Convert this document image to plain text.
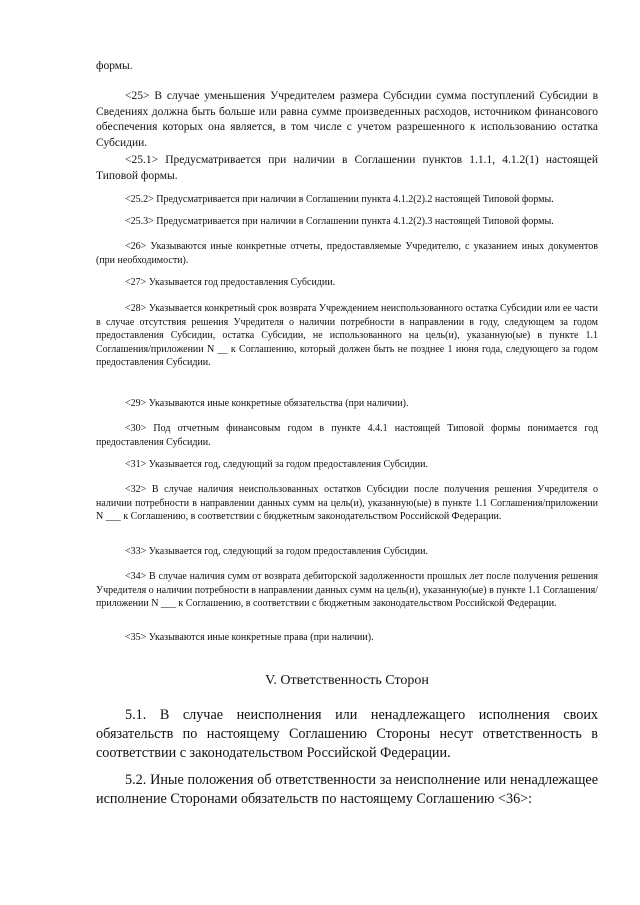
формы.

<25> В случае уменьшения Учредителем размера Субсидии сумма поступлений Субсидии в Сведениях должна быть больше или равна сумме произведенных расходов, источником финансового обеспечения которых она является, в том числе с учетом разрешенного к использованию остатка Субсидии.

<25.1> Предусматривается при наличии в Соглашении пунктов 1.1.1, 4.1.2(1) настоящей Типовой формы.

<25.2> Предусматривается при наличии в Соглашении пункта 4.1.2(2).2 настоящей Типовой формы.

<25.3> Предусматривается при наличии в Соглашении пункта 4.1.2(2).3 настоящей Типовой формы.

<26> Указываются иные конкретные отчеты, предоставляемые Учредителю, с указанием иных документов (при необходимости).

<27> Указывается год предоставления Субсидии.

<28> Указывается конкретный срок возврата Учреждением неиспользованного остатка Субсидии или ее части в случае отсутствия решения Учредителя о наличии потребности в направлении в году, следующем за годом предоставления Субсидии, остатка Субсидии, не использованного на цель(и), указанную(ые) в пункте 1.1 Соглашения/приложении N __ к Соглашению, который должен быть не позднее 1 июня года, следующего за годом предоставления Субсидии.

<29> Указываются иные конкретные обязательства (при наличии).

<30> Под отчетным финансовым годом в пункте 4.4.1 настоящей Типовой формы понимается год предоставления Субсидии.

<31> Указывается год, следующий за годом предоставления Субсидии.

<32> В случае наличия неиспользованных остатков Субсидии после получения решения Учредителя о наличии потребности в направлении данных сумм на цель(и), указанную(ые) в пункте 1.1 Соглашения/приложении N ___ к Соглашению, в соответствии с бюджетным законодательством Российской Федерации.

<33> Указывается год, следующий за годом предоставления Субсидии.

<34> В случае наличия сумм от возврата дебиторской задолженности прошлых лет после получения решения Учредителя о наличии потребности в направлении данных сумм на цель(и), указанную(ые) в пункте 1.1 Соглашения/приложении N ___ к Соглашению, в соответствии с бюджетным законодательством Российской Федерации.

<35> Указываются иные конкретные права (при наличии).

V. Ответственность Сторон

5.1. В случае неисполнения или ненадлежащего исполнения своих обязательств по настоящему Соглашению Стороны несут ответственность в соответствии с законодательством Российской Федерации.

5.2. Иные положения об ответственности за неисполнение или ненадлежащее исполнение Сторонами обязательств по настоящему Соглашению <36>:
